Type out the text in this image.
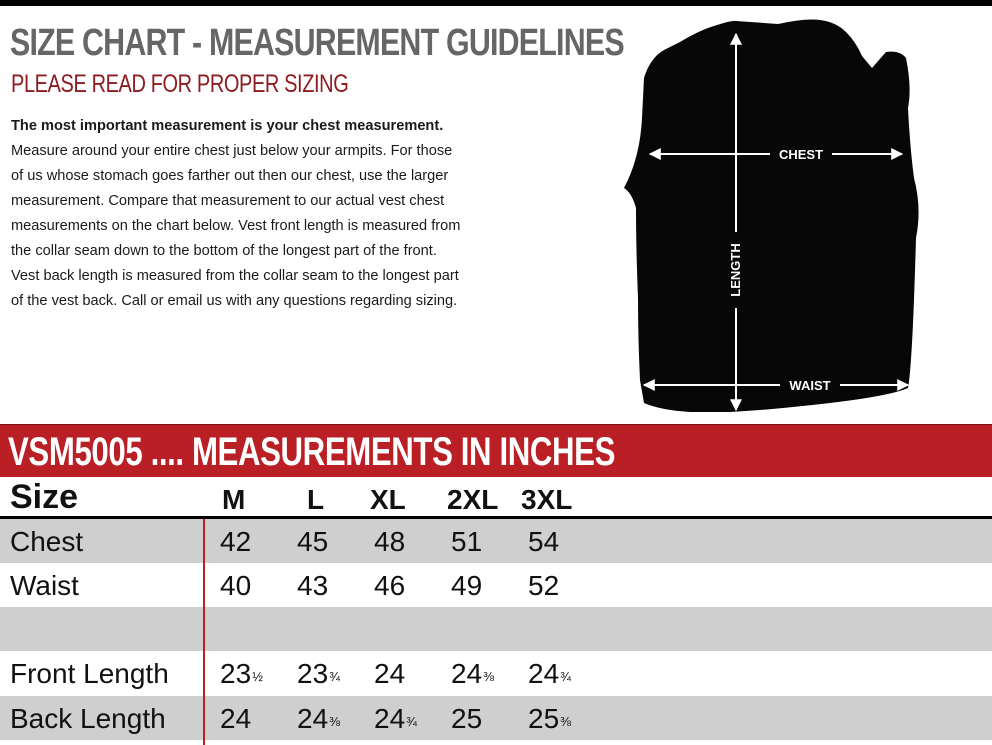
SIZE CHART - MEASUREMENT GUIDELINES
PLEASE READ FOR PROPER SIZING
The most important measurement is your chest measurement.
Measure around your entire chest just below your armpits. For those
of us whose stomach goes farther out then our chest, use the larger
measurement. Compare that measurement to our actual vest chest
measurements on the chart below. Vest front length is measured from
the collar seam down to the bottom of the longest part of the front.
Vest back length is measured from the collar seam to the longest part
of the vest back. Call or email us with any questions regarding sizing.
CHEST
LENGTH
WAIST
VSM5005 .... MEASUREMENTS IN INCHES
Size	M L XL 2XL 3XL
Chest	42 45 48 51 54
Waist	40 43 46 49 52
Front Length 23½ 23¾ 24 24⅜ 24¾
Back Length 24 24⅜ 24¾ 25 25⅜
